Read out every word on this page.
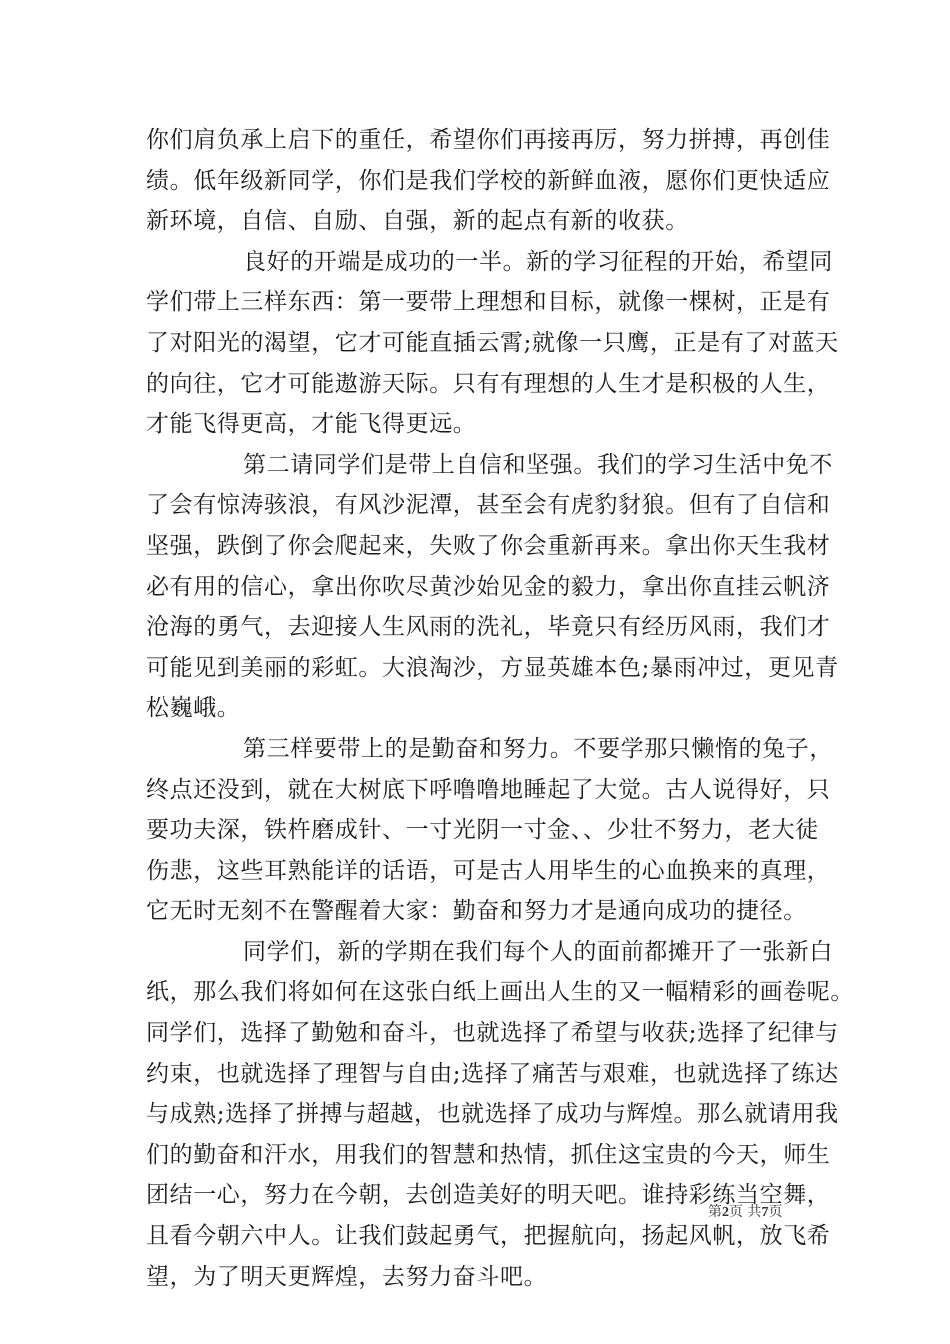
你们肩负承上启下的重任，希望你们再接再厉，努力拼搏，再创佳
绩。低年级新同学，你们是我们学校的新鲜血液，愿你们更快适应
新环境，自信、自励、自强，新的起点有新的收获。
良好的开端是成功的一半。新的学习征程的开始，希望同
学们带上三样东西：第一要带上理想和目标，就像一棵树，正是有
了对阳光的渴望，它才可能直插云霄;就像一只鹰，正是有了对蓝天
的向往，它才可能遨游天际。只有有理想的人生才是积极的人生，
才能飞得更高，才能飞得更远。
第二请同学们是带上自信和坚强。我们的学习生活中免不
了会有惊涛骇浪，有风沙泥潭，甚至会有虎豹豺狼。但有了自信和
坚强，跌倒了你会爬起来，失败了你会重新再来。拿出你天生我材
必有用的信心，拿出你吹尽黄沙始见金的毅力，拿出你直挂云帆济
沧海的勇气，去迎接人生风雨的洗礼，毕竟只有经历风雨，我们才
可能见到美丽的彩虹。大浪淘沙，方显英雄本色;暴雨冲过，更见青
松巍峨。
第三样要带上的是勤奋和努力。不要学那只懒惰的兔子，
终点还没到，就在大树底下呼噜噜地睡起了大觉。古人说得好，只
要功夫深，铁杵磨成针、一寸光阴一寸金、、少壮不努力，老大徒
伤悲，这些耳熟能详的话语，可是古人用毕生的心血换来的真理，
它无时无刻不在警醒着大家：勤奋和努力才是通向成功的捷径。
同学们，新的学期在我们每个人的面前都摊开了一张新白
纸，那么我们将如何在这张白纸上画出人生的又一幅精彩的画卷呢。
同学们，选择了勤勉和奋斗，也就选择了希望与收获;选择了纪律与
约束，也就选择了理智与自由;选择了痛苦与艰难，也就选择了练达
与成熟;选择了拼搏与超越，也就选择了成功与辉煌。那么就请用我
们的勤奋和汗水，用我们的智慧和热情，抓住这宝贵的今天，师生
团结一心，努力在今朝，去创造美好的明天吧。谁持彩练当空舞，
且看今朝六中人。让我们鼓起勇气，把握航向，扬起风帆，放飞希
望，为了明天更辉煌，去努力奋斗吧。
第2页 共7页
